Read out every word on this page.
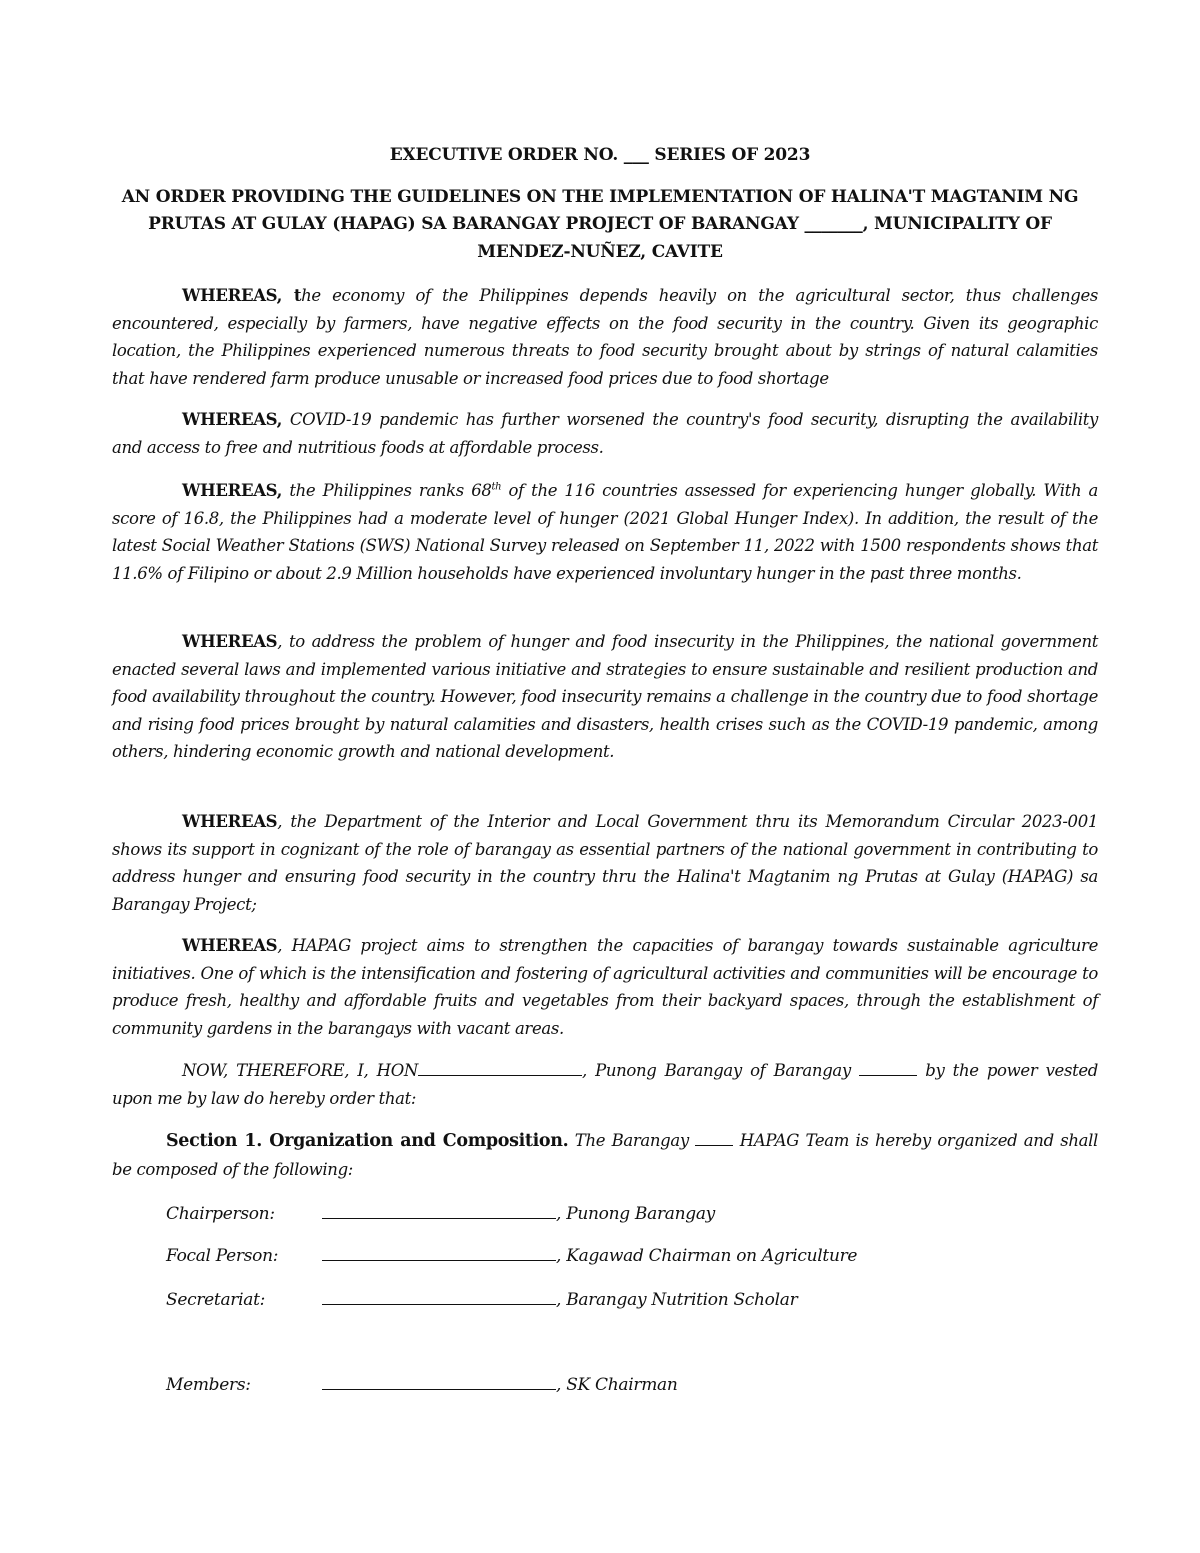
EXECUTIVE ORDER NO. ___ SERIES OF 2023
AN ORDER PROVIDING THE GUIDELINES ON THE IMPLEMENTATION OF HALINA'T MAGTANIM NG
PRUTAS AT GULAY (HAPAG) SA BARANGAY PROJECT OF BARANGAY _______, MUNICIPALITY OF
MENDEZ-NUÑEZ, CAVITE
WHEREAS, the economy of the Philippines depends heavily on the agricultural sector, thus challenges encountered, especially by farmers, have negative effects on the food security in the country. Given its geographic location, the Philippines experienced numerous threats to food security brought about by strings of natural calamities that have rendered farm produce unusable or increased food prices due to food shortage
WHEREAS, COVID-19 pandemic has further worsened the country's food security, disrupting the availability and access to free and nutritious foods at affordable process.
WHEREAS, the Philippines ranks 68th of the 116 countries assessed for experiencing hunger globally. With a score of 16.8, the Philippines had a moderate level of hunger (2021 Global Hunger Index). In addition, the result of the latest Social Weather Stations (SWS) National Survey released on September 11, 2022 with 1500 respondents shows that 11.6% of Filipino or about 2.9 Million households have experienced involuntary hunger in the past three months.
WHEREAS, to address the problem of hunger and food insecurity in the Philippines, the national government enacted several laws and implemented various initiative and strategies to ensure sustainable and resilient production and food availability throughout the country. However, food insecurity remains a challenge in the country due to food shortage and rising food prices brought by natural calamities and disasters, health crises such as the COVID-19 pandemic, among others, hindering economic growth and national development.
WHEREAS, the Department of the Interior and Local Government thru its Memorandum Circular 2023-001 shows its support in cognizant of the role of barangay as essential partners of the national government in contributing to address hunger and ensuring food security in the country thru the Halina't Magtanim ng Prutas at Gulay (HAPAG) sa Barangay Project;
WHEREAS, HAPAG project aims to strengthen the capacities of barangay towards sustainable agriculture initiatives. One of which is the intensification and fostering of agricultural activities and communities will be encourage to produce fresh, healthy and affordable fruits and vegetables from their backyard spaces, through the establishment of community gardens in the barangays with vacant areas.
NOW, THEREFORE, I, HON	, Punong Barangay of Barangay	by the power vested upon me by law do hereby order that:
Section 1. Organization and Composition. The Barangay  HAPAG Team is hereby organized and shall be composed of the following:
Chairperson:	, Punong Barangay
Focal Person:	, Kagawad Chairman on Agriculture
Secretariat:	, Barangay Nutrition Scholar
Members:	, SK Chairman
